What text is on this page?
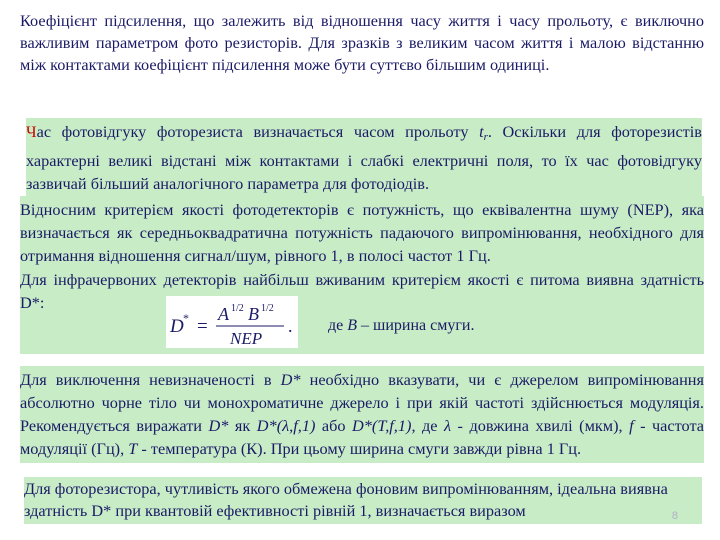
Коефіцієнт підсилення, що залежить від відношення часу життя і часу прольоту, є виключно важливим параметром фото резисторів. Для зразків з великим часом життя і малою відстанню між контактами коефіцієнт підсилення може бути суттєво більшим одиниці.

Час фотовідгуку фоторезиста визначається часом прольоту $t_r$. Оскільки для фоторезистів характерні великі відстані між контактами і слабкі електричні поля, то їх час фотовідгуку зазвичай більший аналогічного параметра для фотодіодів.

Відносним критерієм якості фотодетекторів є потужність, що еквівалентна шуму (NEP), яка визначається як середньоквадратична потужність падаючого випромінювання, необхідного для отримання відношення сигнал/шум, рівного 1, в полосі частот 1 Гц.

Для інфрачервоних детекторів найбільш вживаним критерієм якості є питома виявна здатність D*:

D * =
A 1/2 B 1/2
NEP
. де B – ширина смуги.

Для виключення невизначеності в D* необхідно вказувати, чи є джерелом випромінювання абсолютно чорне тіло чи монохроматичне джерело і при якій частоті здійснюється модуляція. Рекомендується виражати D* як D*(λ,f,1) або D*(T,f,1), де λ - довжина хвилі (мкм), f - частота модуляції (Гц), T - температура (К). При цьому ширина смуги завжди рівна 1 Гц.

Для фоторезистора, чутливість якого обмежена фоновим випромінюванням, ідеальна виявна здатність D* при квантовій ефективності рівній 1, визначається виразом	8
